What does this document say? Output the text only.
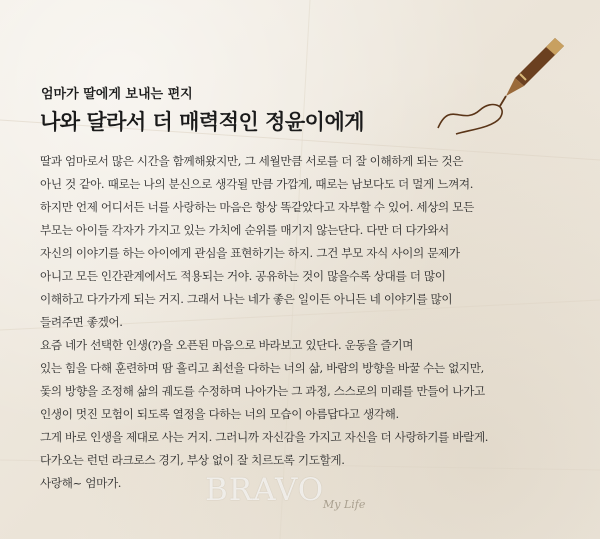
엄마가 딸에게 보내는 편지

나와 달라서 더 매력적인 정윤이에게
딸과 엄마로서 많은 시간을 함께해왔지만, 그 세월만큼 서로를 더 잘 이해하게 되는 것은
아닌 것 같아. 때로는 나의 분신으로 생각될 만큼 가깝게, 때로는 남보다도 더 멀게 느껴져.
하지만 언제 어디서든 너를 사랑하는 마음은 항상 똑같았다고 자부할 수 있어. 세상의 모든
부모는 아이들 각자가 가지고 있는 가치에 순위를 매기지 않는단다. 다만 더 다가와서
자신의 이야기를 하는 아이에게 관심을 표현하기는 하지. 그건 부모 자식 사이의 문제가
아니고 모든 인간관계에서도 적용되는 거야. 공유하는 것이 많을수록 상대를 더 많이
이해하고 다가가게 되는 거지. 그래서 나는 네가 좋은 일이든 아니든 네 이야기를 많이
들려주면 좋겠어.
요즘 네가 선택한 인생(?)을 오픈된 마음으로 바라보고 있단다. 운동을 즐기며
있는 힘을 다해 훈련하며 땀 흘리고 최선을 다하는 너의 삶, 바람의 방향을 바꿀 수는 없지만,
돛의 방향을 조정해 삶의 궤도를 수정하며 나아가는 그 과정, 스스로의 미래를 만들어 나가고
인생이 멋진 모험이 되도록 열정을 다하는 너의 모습이 아름답다고 생각해.
그게 바로 인생을 제대로 사는 거지. 그러니까 자신감을 가지고 자신을 더 사랑하기를 바랄게.
다가오는 런던 라크로스 경기, 부상 없이 잘 치르도록 기도할게.
사랑해~ 엄마가.	BRAVO
My Life
